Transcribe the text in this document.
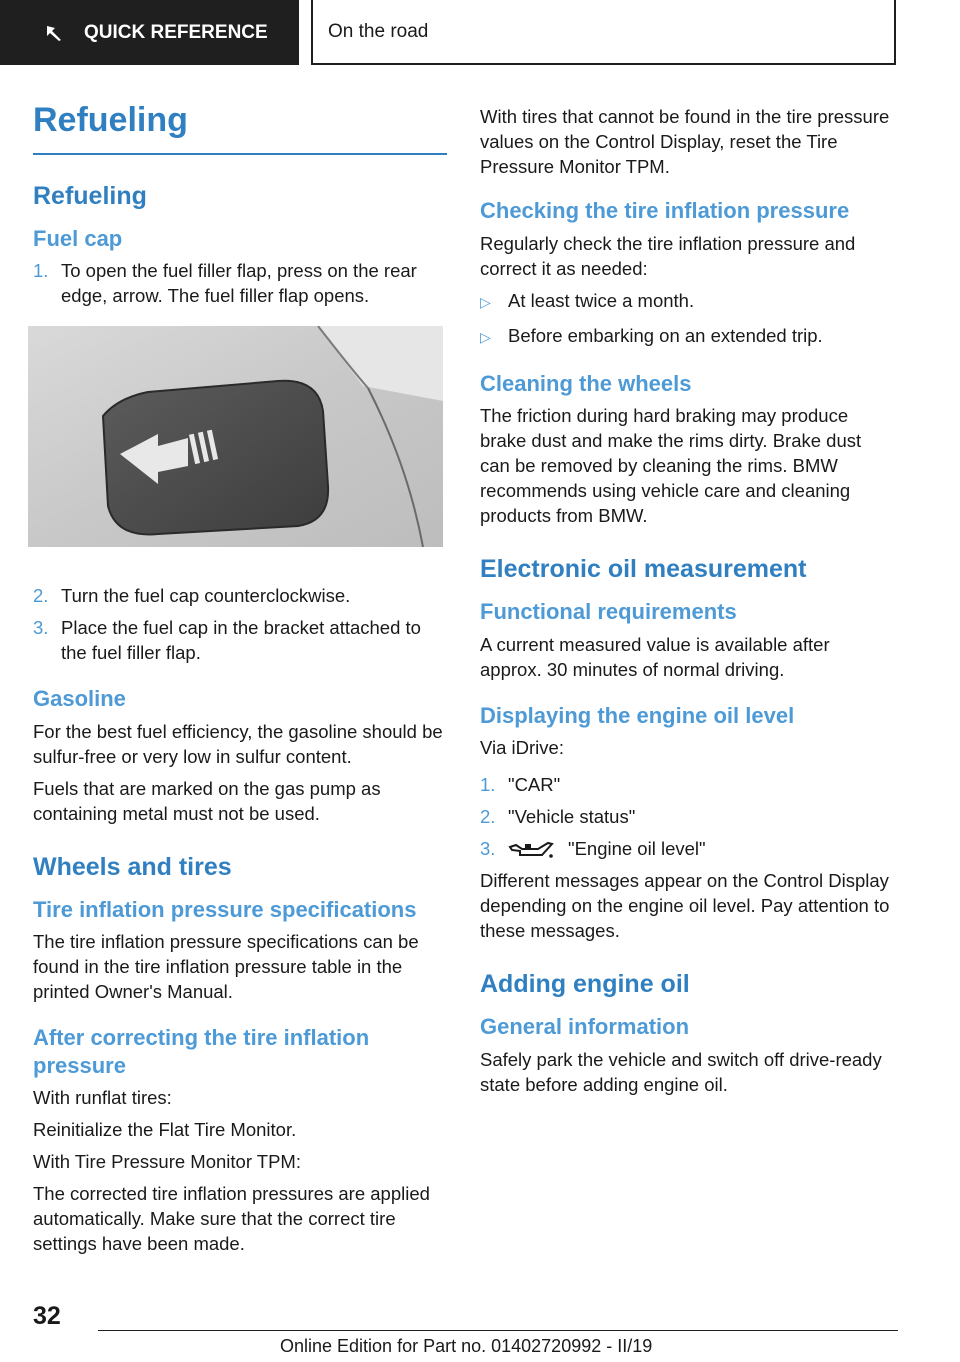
QUICK REFERENCE	On the road
Refueling
Refueling
Fuel cap
1. To open the fuel filler flap, press on the rear edge, arrow. The fuel filler flap opens.
2. Turn the fuel cap counterclockwise.
3. Place the fuel cap in the bracket attached to the fuel filler flap.
Gasoline

For the best fuel efficiency, the gasoline should be sulfur-free or very low in sulfur content.

Fuels that are marked on the gas pump as containing metal must not be used.

Wheels and tires
Tire inflation pressure specifications

The tire inflation pressure specifications can be found in the tire inflation pressure table in the printed Owner's Manual.

After correcting the tire inflation pressure

With runflat tires:

Reinitialize the Flat Tire Monitor.

With Tire Pressure Monitor TPM:

The corrected tire inflation pressures are applied automatically. Make sure that the correct tire settings have been made.

With tires that cannot be found in the tire pressure values on the Control Display, reset the Tire Pressure Monitor TPM.

Checking the tire inflation pressure

Regularly check the tire inflation pressure and correct it as needed:

▷ At least twice a month.
▷ Before embarking on an extended trip.
Cleaning the wheels

The friction during hard braking may produce brake dust and make the rims dirty. Brake dust can be removed by cleaning the rims. BMW recommends using vehicle care and cleaning products from BMW.

Electronic oil measurement
Functional requirements

A current measured value is available after approx. 30 minutes of normal driving.

Displaying the engine oil level

Via iDrive:

1. "CAR"
2. "Vehicle status"
3.	"Engine oil level"

Different messages appear on the Control Display depending on the engine oil level. Pay attention to these messages.

Adding engine oil
General information

Safely park the vehicle and switch off drive-ready state before adding engine oil.

32
Online Edition for Part no. 01402720992 - II/19
